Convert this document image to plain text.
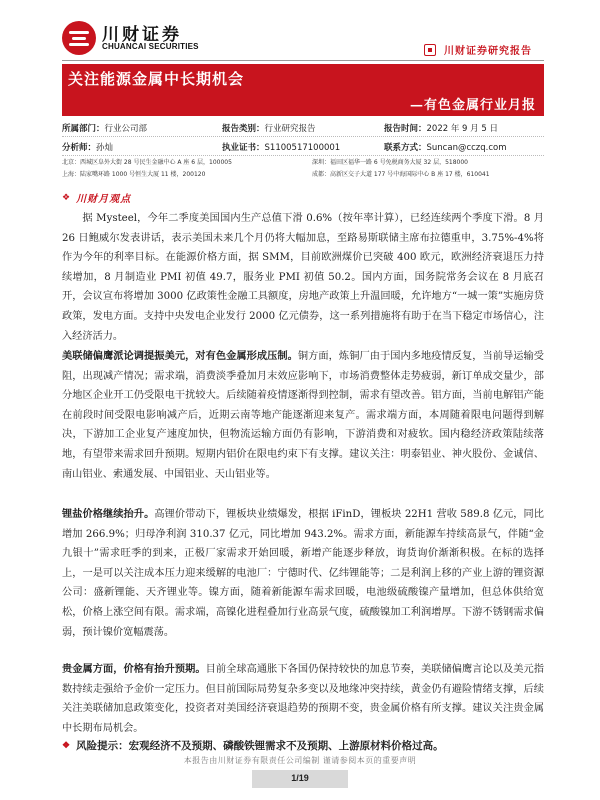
川财证券
CHUANCAI SECURITIES	川财证券研究报告
关注能源金属中长期机会
—有色金属行业月报
所属部门：行业公司部	报告类别：行业研究报告	报告时间：2022 年 9 月 5 日
分析师：孙灿	执业证书：S1100517100001	联系方式：Suncan@cczq.com
北京：西城区阜外大街 28 号民生金融中心 A 座 6 层，100005	深圳：福田区福华一路 6 号免税商务大厦 32 层，518000
上海：陆家嘴环路 1000 号恒生大厦 11 楼，200120	成都：高新区交子大道 177 号中海国际中心 B 座 17 楼，610041
❖ 川财月观点

据 Mysteel，今年二季度美国国内生产总值下滑 0.6%（按年率计算），已经连续两个季度下滑。8 月 26 日鲍威尔发表讲话，表示美国未来几个月仍将大幅加息，至路易斯联储主席布拉德重申，3.75%-4%将作为今年的利率目标。在能源价格方面，据 SMM，目前欧洲煤价已突破 400 欧元，欧洲经济衰退压力持续增加，8 月制造业 PMI 初值 49.7，服务业 PMI 初值 50.2。国内方面，国务院常务会议在 8 月底召开，会议宣布将增加 3000 亿政策性金融工具额度，房地产政策上升温回暖，允许地方“一城一策”实施房贷政策，发电方面。支持中央发电企业发行 2000 亿元债券，这一系列措施将有助于在当下稳定市场信心，注入经济活力。

美联储偏鹰派论调提振美元，对有色金属形成压制。铜方面，炼铜厂由于国内多地疫情反复，当前导运输受阻，出现减产情况；需求端，消费淡季叠加月末效应影响下，市场消费整体走势疲弱，新订单成交量少，部分地区企业开工仍受限电干扰较大。后续随着疫情逐渐得到控制，需求有望改善。铝方面，当前电解铝产能在前段时间受限电影响减产后，近期云南等地产能逐渐迎来复产。需求端方面，本周随着限电问题得到解决，下游加工企业复产速度加快，但物流运输方面仍有影响，下游消费和对疲软。国内稳经济政策陆续落地，有望带来需求回升预期。短期内铝价在限电约束下有支撑。建议关注：明泰铝业、神火股份、金诚信、南山铝业、索通发展、中国铝业、天山铝业等。

锂盐价格继续抬升。高锂价带动下，锂板块业绩爆发，根据 iFinD，锂板块 22H1 营收 589.8 亿元，同比增加 266.9%；归母净利润 310.37 亿元，同比增加 943.2%。需求方面，新能源车持续高景气，伴随“金九银十”需求旺季的到来，正极厂家需求开始回暖，新增产能逐步释放，询货询价渐渐积极。在标的选择上，一是可以关注成本压力迎来缓解的电池厂：宁德时代、亿纬锂能等；二是利润上移的产业上游的锂资源公司：盛新锂能、天齐锂业等。镍方面，随着新能源车需求回暖，电池级硫酸镍产量增加，但总体供给宽松，价格上涨空间有限。需求端，高镍化进程叠加行业高景气度，硫酸镍加工利润增厚。下游不锈钢需求偏弱，预计镍价宽幅震荡。

贵金属方面，价格有抬升预期。目前全球高通胀下各国仍保持较快的加息节奏，美联储偏鹰言论以及美元指数持续走强给予金价一定压力。但目前国际局势复杂多变以及地缘冲突持续，黄金仍有避险情绪支撑，后续关注美联储加息政策变化，投资者对美国经济衰退趋势的预期不变，贵金属价格有所支撑。建议关注贵金属中长期布局机会。

❖ 风险提示： 宏观经济不及预期、磷酸铁锂需求不及预期、上游原材料价格过高。
本报告由川财证券有限责任公司编制 谨请参阅本页的重要声明
1/19
